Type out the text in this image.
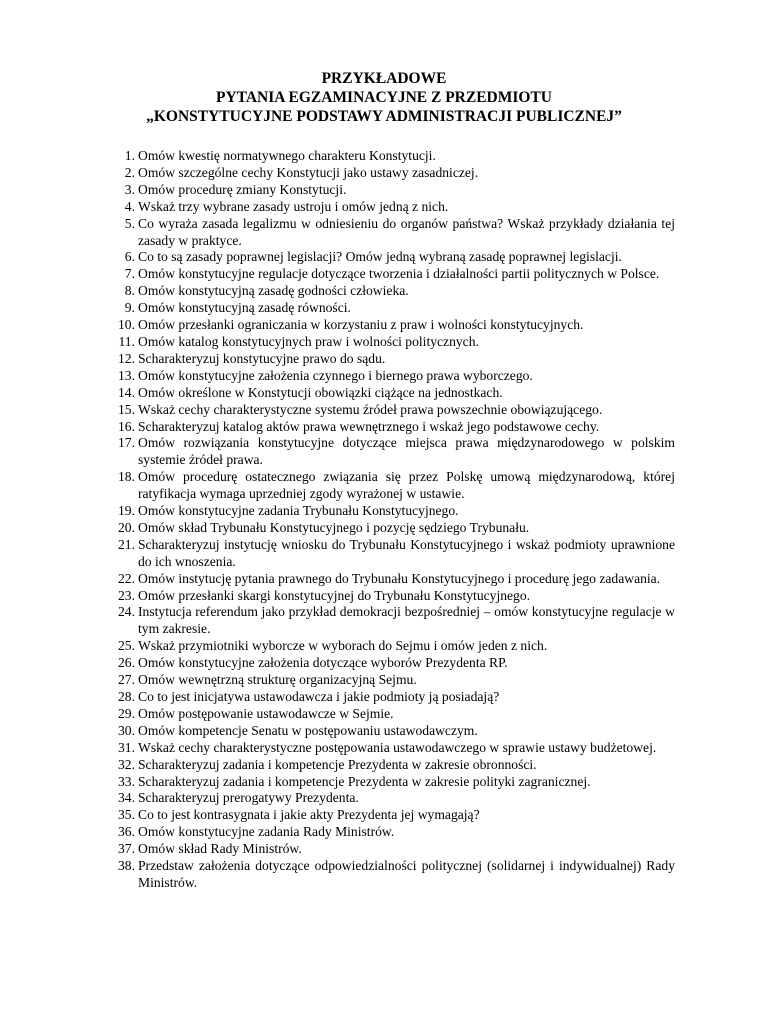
PRZYKŁADOWE
PYTANIA EGZAMINACYJNE Z PRZEDMIOTU
„KONSTYTUCYJNE PODSTAWY ADMINISTRACJI PUBLICZNEJ”
1. Omów kwestię normatywnego charakteru Konstytucji.
2. Omów szczególne cechy Konstytucji jako ustawy zasadniczej.
3. Omów procedurę zmiany Konstytucji.
4. Wskaż trzy wybrane zasady ustroju i omów jedną z nich.
5. Co wyraża zasada legalizmu w odniesieniu do organów państwa? Wskaż przykłady działania tej zasady w praktyce.
6. Co to są zasady poprawnej legislacji? Omów jedną wybraną zasadę poprawnej legislacji.
7. Omów konstytucyjne regulacje dotyczące tworzenia i działalności partii politycznych w Polsce.
8. Omów konstytucyjną zasadę godności człowieka.
9. Omów konstytucyjną zasadę równości.
10. Omów przesłanki ograniczania w korzystaniu z praw i wolności konstytucyjnych.
11. Omów katalog konstytucyjnych praw i wolności politycznych.
12. Scharakteryzuj konstytucyjne prawo do sądu.
13. Omów konstytucyjne założenia czynnego i biernego prawa wyborczego.
14. Omów określone w Konstytucji obowiązki ciążące na jednostkach.
15. Wskaż cechy charakterystyczne systemu źródeł prawa powszechnie obowiązującego.
16. Scharakteryzuj katalog aktów prawa wewnętrznego i wskaż jego podstawowe cechy.
17. Omów rozwiązania konstytucyjne dotyczące miejsca prawa międzynarodowego w polskim systemie źródeł prawa.
18. Omów procedurę ostatecznego związania się przez Polskę umową międzynarodową, której ratyfikacja wymaga uprzedniej zgody wyrażonej w ustawie.
19. Omów konstytucyjne zadania Trybunału Konstytucyjnego.
20. Omów skład Trybunału Konstytucyjnego i pozycję sędziego Trybunału.
21. Scharakteryzuj instytucję wniosku do Trybunału Konstytucyjnego i wskaż podmioty uprawnione do ich wnoszenia.
22. Omów instytucję pytania prawnego do Trybunału Konstytucyjnego i procedurę jego zadawania.
23. Omów przesłanki skargi konstytucyjnej do Trybunału Konstytucyjnego.
24. Instytucja referendum jako przykład demokracji bezpośredniej – omów konstytucyjne regulacje w tym zakresie.
25. Wskaż przymiotniki wyborcze w wyborach do Sejmu i omów jeden z nich.
26. Omów konstytucyjne założenia dotyczące wyborów Prezydenta RP.
27. Omów wewnętrzną strukturę organizacyjną Sejmu.
28. Co to jest inicjatywa ustawodawcza i jakie podmioty ją posiadają?
29. Omów postępowanie ustawodawcze w Sejmie.
30. Omów kompetencje Senatu w postępowaniu ustawodawczym.
31. Wskaż cechy charakterystyczne postępowania ustawodawczego w sprawie ustawy budżetowej.
32. Scharakteryzuj zadania i kompetencje Prezydenta w zakresie obronności.
33. Scharakteryzuj zadania i kompetencje Prezydenta w zakresie polityki zagranicznej.
34. Scharakteryzuj prerogatywy Prezydenta.
35. Co to jest kontrasygnata i jakie akty Prezydenta jej wymagają?
36. Omów konstytucyjne zadania Rady Ministrów.
37. Omów skład Rady Ministrów.
38. Przedstaw założenia dotyczące odpowiedzialności politycznej (solidarnej i indywidualnej) Rady Ministrów.
